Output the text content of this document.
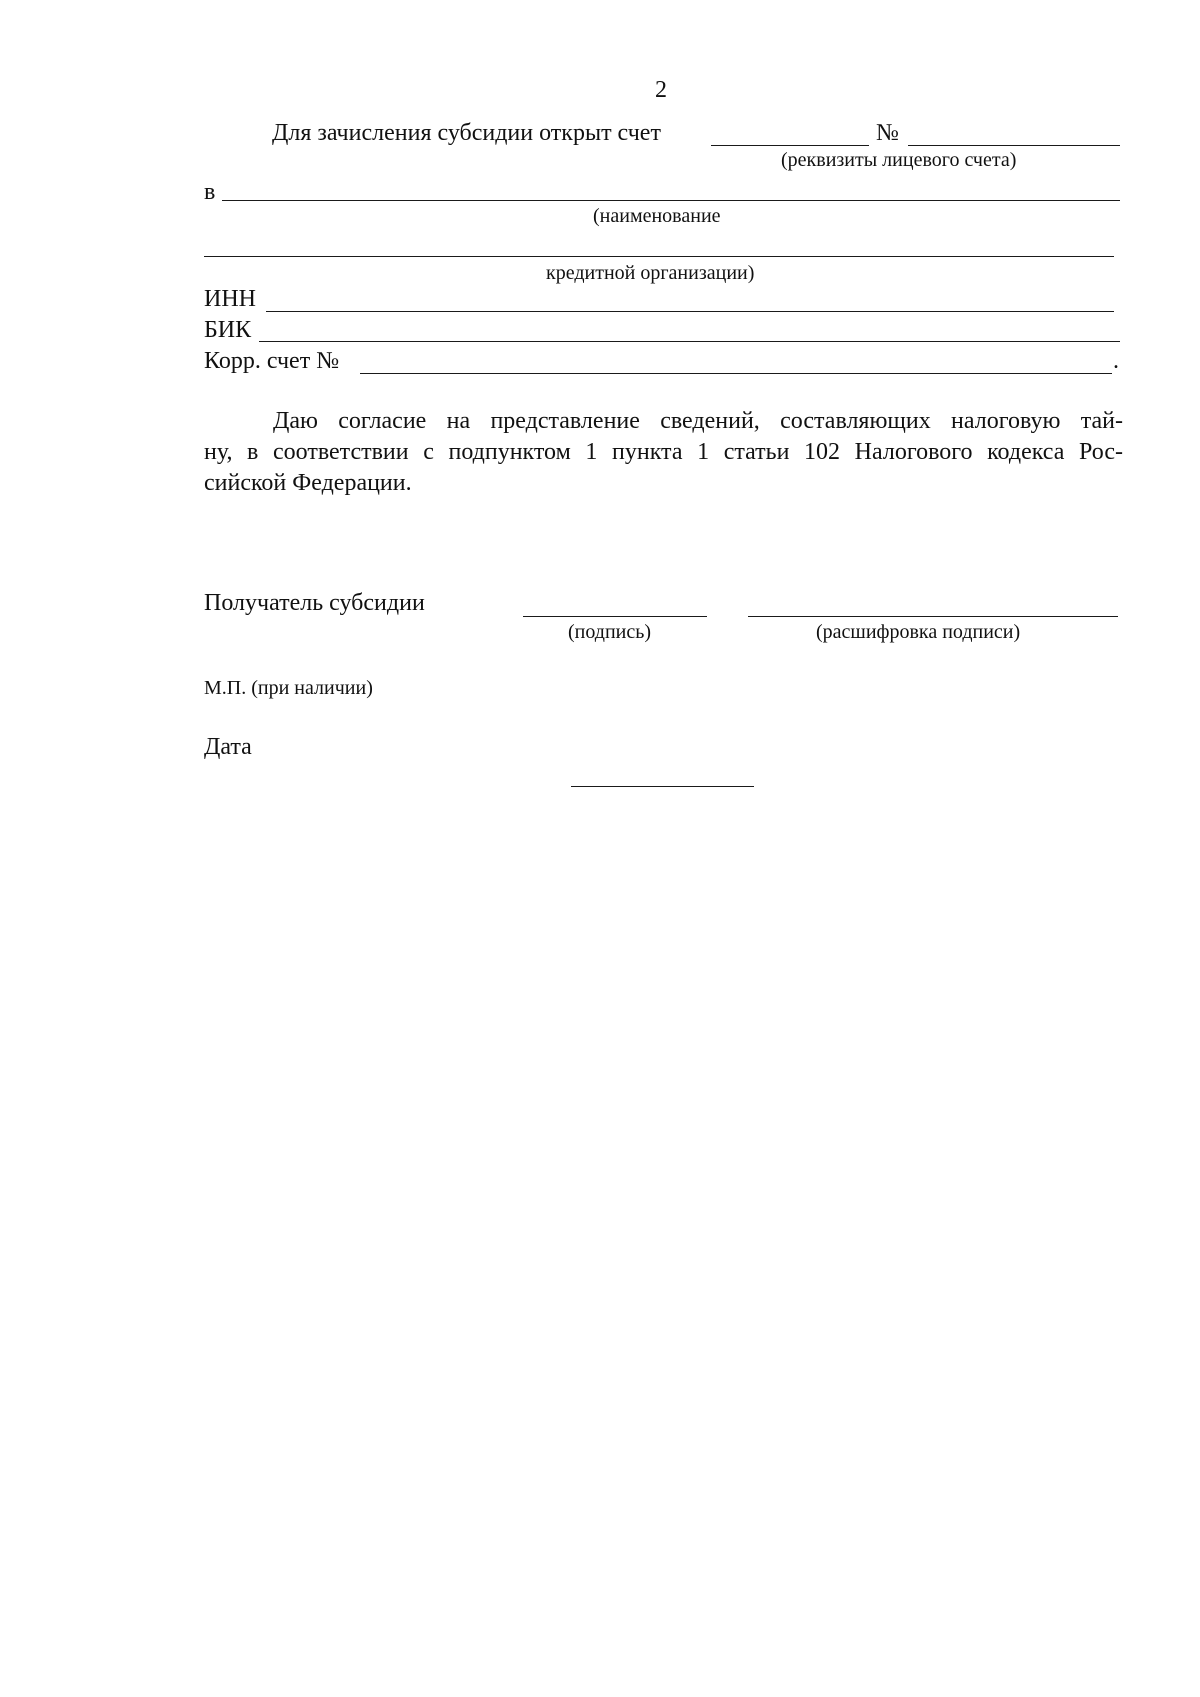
2
Для зачисления субсидии открыт счет	№
(реквизиты лицевого счета)
в
(наименование
кредитной организации)
ИНН
БИК
Корр. счет №	.
Даю согласие на представление сведений, составляющих налоговую тай-
ну, в соответствии с подпунктом 1 пункта 1 статьи 102 Налогового кодекса Рос-
сийской Федерации.
Получатель субсидии
(подпись)	(расшифровка подписи)
М.П. (при наличии)
Дата
